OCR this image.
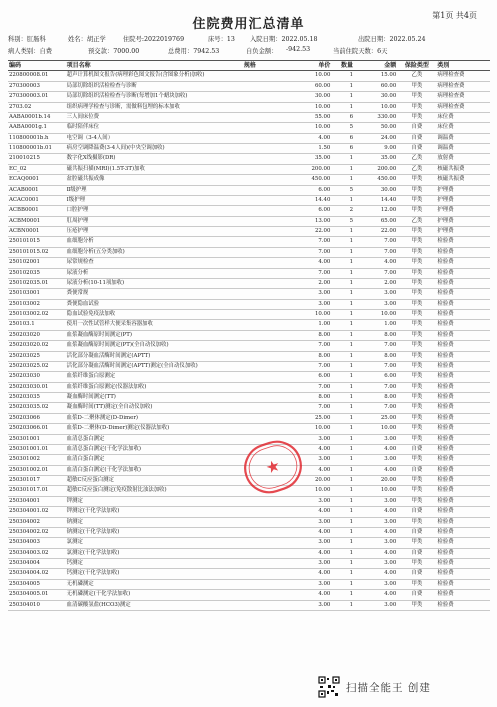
第1页 共4页
住院费用汇总清单
科别：肛肠科	姓名：胡正学	住院号:2022019769	床号：13 入院日期：2022.05.18	出院日期：2022.05.24
病人类别：自费	预交款：7000.00	总费用：7942.53	自负金额： -942.53	当前住院天数：6天
编码	项目名称	规格	单价	数量	金额	保险类型	类别
220800008.01	超声计算机图文报告(病理彩色图文报告(含图象分析)加收)		10.00	1	15.00	乙类	病理检查费
270300003	局部切除组织活检检查与诊断		60.00	1	60.00	甲类	病理检查费
270300003.01	局部切除组织活检检查与诊断(每增加1个蜡块加收)		30.00	1	30.00	甲类	病理检查费
2703.02	组织病理学检查与诊断，需做料包埋的标本加收		10.00	1	10.00	甲类	病理检查费
AABA0001b.14	三人间床位费		55.00	6	330.00	甲类	床位费
AABA0001g.1	临时陪伴床位		10.00	5	50.00	自费	床位费
110800001b.h	电空调（3-4人间）		4.00	6	24.00	自费	调温费
110800001b.01	病房空调降温费(3-4人间)(中央空调加收)		1.50	6	9.00	自费	调温费
210010215	数字化X线摄影(DR)		35.00	1	35.00	乙类	放射费
EC_02	磁共振扫描(MRI)(1.5T-3T)加收		200.00	1	200.00	乙类	核磁共振费
ECAQ0001	盆腔磁共振成像		450.00	1	450.00	甲类	核磁共振费
ACAB0001	Ⅱ级护理		6.00	5	30.00	甲类	护理费
ACAC0001	Ⅰ级护理		14.40	1	14.40	甲类	护理费
ACBB0001	口腔护理		6.00	2	12.00	甲类	护理费
ACBM0001	肛周护理		13.00	5	65.00	乙类	护理费
ACBN0001	压疮护理		22.00	1	22.00	甲类	护理费
250101015	血细胞分析		7.00	1	7.00	甲类	检验费
250101015.02	血细胞分析(五分类加收)		7.00	1	7.00	甲类	检验费
250102001	尿常规检查		4.00	1	4.00	甲类	检验费
250102035	尿液分析		7.00	1	7.00	甲类	检验费
250102035.01	尿液分析(10-11项加收)		2.00	1	2.00	甲类	检验费
250103001	粪便常规		3.00	1	3.00	甲类	检验费
250103002	粪便隐血试验		3.00	1	3.00	甲类	检验费
250103002.02	隐血试验免疫法加收		10.00	1	10.00	甲类	检验费
250103.1	使用一次性试管样大便采集容器加收		1.00	1	1.00	甲类	检验费
250203020	血浆凝血酶原时间测定(PT)		8.00	1	8.00	甲类	检验费
250203020.02	血浆凝血酶原时间测定(PT)(全自动仪加收)		7.00	1	7.00	甲类	检验费
250203025	活化部分凝血活酶时间测定(APTT)		8.00	1	8.00	甲类	检验费
250203025.02	活化部分凝血活酶时间测定(APTT)测定(全自动仪加收)		7.00	1	7.00	甲类	检验费
250203030	血浆纤维蛋白原测定		6.00	1	6.00	甲类	检验费
250203030.01	血浆纤维蛋白原测定(仪器法加收)		7.00	1	7.00	甲类	检验费
250203035	凝血酶时间测定(TT)		8.00	1	8.00	甲类	检验费
250203035.02	凝血酶时间(TT)测定(全自动仪加收)		7.00	1	7.00	甲类	检验费
250203066	血浆D-二聚体测定(D-Dimer)		25.00	1	25.00	甲类	检验费
250203066.01	血浆D-二聚体(D-Dimer)测定(仪器法加收)		10.00	1	10.00	甲类	检验费
250301001	血清总蛋白测定		3.00	1	3.00	甲类	检验费
250301001.01	血清总蛋白测定(干化学法加收)		4.00	1	4.00	自费	检验费
250301002	血清白蛋白测定		3.00	1	3.00	甲类	检验费
250301002.01	血清白蛋白测定(干化学法加收)		4.00	1	4.00	自费	检验费
250301017	超敏C反应蛋白测定		20.00	1	20.00	甲类	检验费
250301017.01	超敏C反应蛋白测定(免疫散射比浊法加收)		10.00	1	10.00	甲类	检验费
250304001	钾测定		3.00	1	3.00	甲类	检验费
250304001.02	钾测定(干化学法加收)		4.00	1	4.00	自费	检验费
250304002	钠测定		3.00	1	3.00	甲类	检验费
250304002.02	钠测定(干化学法加收)		4.00	1	4.00	自费	检验费
250304003	氯测定		3.00	1	3.00	甲类	检验费
250304003.02	氯测定(干化学法加收)		4.00	1	4.00	自费	检验费
250304004	钙测定		3.00	1	3.00	甲类	检验费
250304004.02	钙测定(干化学法加收)		4.00	1	4.00	自费	检验费
250304005	无机磷测定		3.00	1	3.00	甲类	检验费
250304005.01	无机磷测定(干化学法加收)		4.00	1	4.00	自费	检验费
250304010	血清碳酸氢盐(HCO3)测定		3.00	1	3.00	甲类	检验费
★
扫描全能王 创建
